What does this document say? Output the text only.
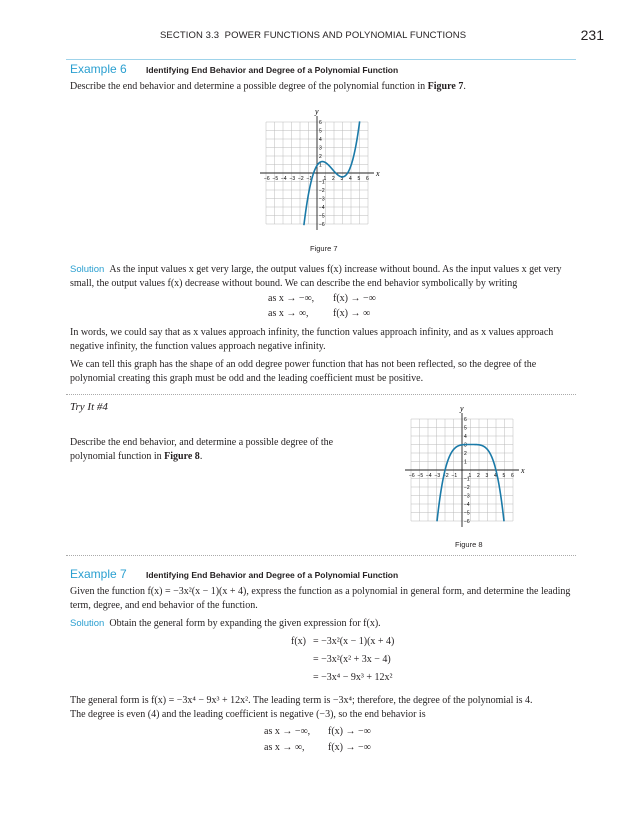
SECTION 3.3 POWER FUNCTIONS AND POLYNOMIAL FUNCTIONS	231
Example 6 Identifying End Behavior and Degree of a Polynomial Function
Describe the end behavior and determine a possible degree of the polynomial function in Figure 7.
x
y
−6 −5 −4 −3 −2 −1 1 2 3 4 5 6
−6
−5
−4
−3
−2
−1
1
2
3
4
5
6
Figure 7
Solution As the input values x get very large, the output values f(x) increase without bound. As the input values x get very small, the output values f(x) decrease without bound. We can describe the end behavior symbolically by writing
as x → −∞, f(x) → −∞
as x → ∞, f(x) → ∞
In words, we could say that as x values approach infinity, the function values approach infinity, and as x values approach negative infinity, the function values approach negative infinity.
We can tell this graph has the shape of an odd degree power function that has not been reflected, so the degree of the polynomial creating this graph must be odd and the leading coefficient must be positive.
Try It #4
Describe the end behavior, and determine a possible degree of the polynomial function in Figure 8.
x
y
−6 −5 −4 −3 −2 −1 1 2 3 4 5 6
−6
−5
−4
−3
−2
−1
1
2
3
4
5
6
Figure 8
Example 7 Identifying End Behavior and Degree of a Polynomial Function
Given the function f(x) = −3x²(x − 1)(x + 4), express the function as a polynomial in general form, and determine the leading term, degree, and end behavior of the function.
Solution Obtain the general form by expanding the given expression for f(x).
f(x) = −3x²(x − 1)(x + 4)
= −3x²(x² + 3x − 4)
= −3x⁴ − 9x³ + 12x²
The general form is f(x) = −3x⁴ − 9x³ + 12x². The leading term is −3x⁴; therefore, the degree of the polynomial is 4.
The degree is even (4) and the leading coefficient is negative (−3), so the end behavior is
as x → −∞, f(x) → −∞
as x → ∞, f(x) → −∞
